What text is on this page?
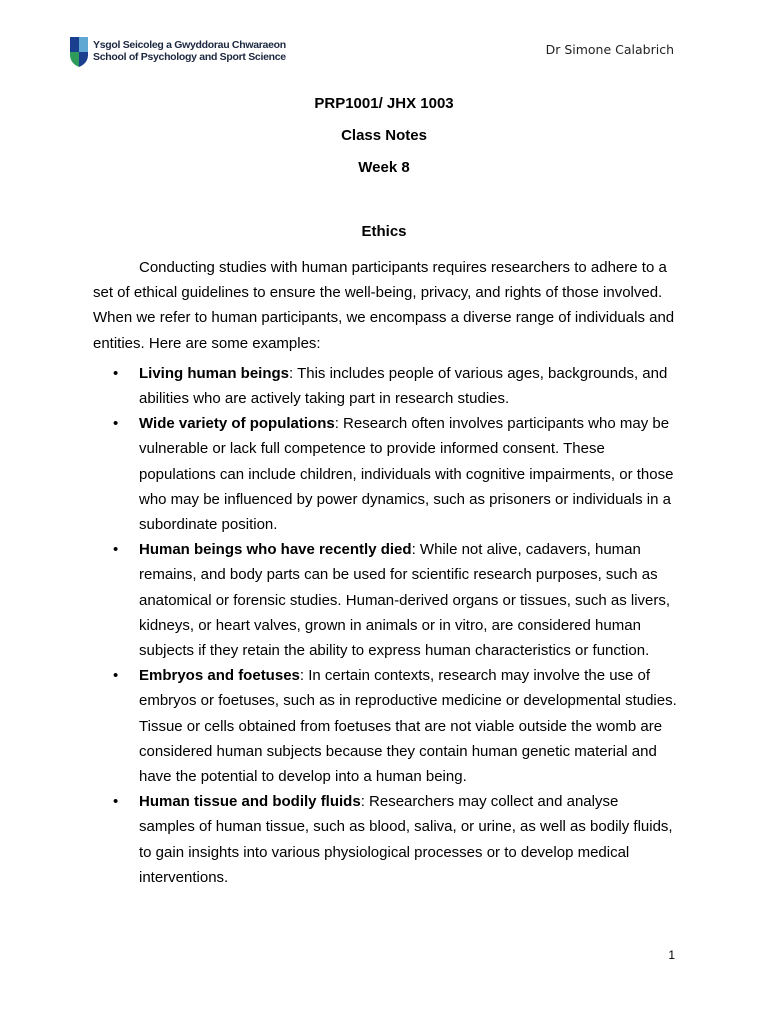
Ysgol Seicoleg a Gwyddorau Chwaraeon
School of Psychology and Sport Science	Dr Simone Calabrich
PRP1001/ JHX 1003
Class Notes
Week 8
Ethics

Conducting studies with human participants requires researchers to adhere to a set of ethical guidelines to ensure the well-being, privacy, and rights of those involved. When we refer to human participants, we encompass a diverse range of individuals and entities. Here are some examples:

• Living human beings: This includes people of various ages, backgrounds, and abilities who are actively taking part in research studies.
• Wide variety of populations: Research often involves participants who may be vulnerable or lack full competence to provide informed consent. These populations can include children, individuals with cognitive impairments, or those who may be influenced by power dynamics, such as prisoners or individuals in a subordinate position.
• Human beings who have recently died: While not alive, cadavers, human remains, and body parts can be used for scientific research purposes, such as anatomical or forensic studies. Human-derived organs or tissues, such as livers, kidneys, or heart valves, grown in animals or in vitro, are considered human subjects if they retain the ability to express human characteristics or function.
• Embryos and foetuses: In certain contexts, research may involve the use of embryos or foetuses, such as in reproductive medicine or developmental studies. Tissue or cells obtained from foetuses that are not viable outside the womb are considered human subjects because they contain human genetic material and have the potential to develop into a human being.
• Human tissue and bodily fluids: Researchers may collect and analyse samples of human tissue, such as blood, saliva, or urine, as well as bodily fluids, to gain insights into various physiological processes or to develop medical interventions.
1
